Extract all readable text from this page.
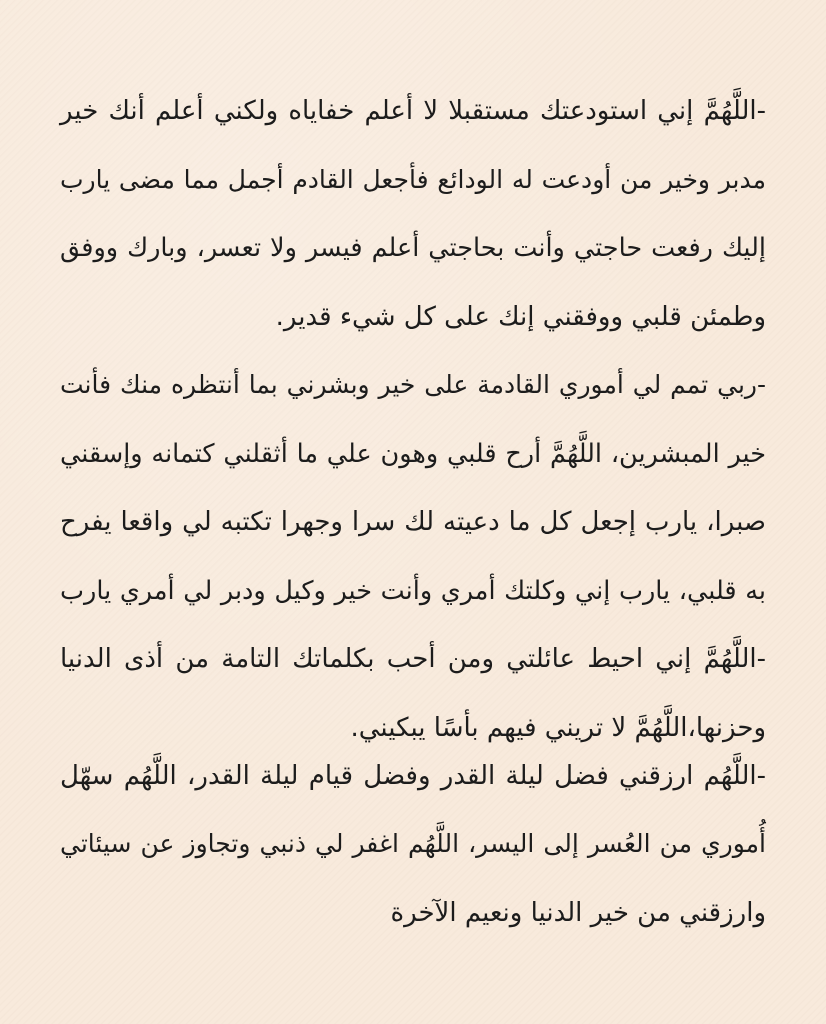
-اللَّهُمَّ إني استودعتك مستقبلا لا أعلم خفاياه ولكني أعلم أنك خير
مدبر وخير من أودعت له الودائع فأجعل القادم أجمل مما مضى يارب
إليك رفعت حاجتي وأنت بحاجتي أعلم فيسر ولا تعسر، وبارك ووفق
وطمئن قلبي ووفقني إنك على كل شيء قدير.
-ربي تمم لي أموري القادمة على خير وبشرني بما أنتظره منك فأنت
خير المبشرين، اللَّهُمَّ أرح قلبي وهون علي ما أثقلني كتمانه وإسقني
صبرا، يارب إجعل كل ما دعيته لك سرا وجهرا تكتبه لي واقعا يفرح
به قلبي، يارب إني وكلتك أمري وأنت خير وكيل ودبر لي أمري يارب
-اللَّهُمَّ إني احيط عائلتي ومن أحب بكلماتك التامة من أذى الدنيا
وحزنها،اللَّهُمَّ لا تريني فيهم بأسًا يبكيني.
-اللَّهُم ارزقني فضل ليلة القدر وفضل قيام ليلة القدر، اللَّهُم سهّل
أُموري من العُسر إلى اليسر، اللَّهُم اغفر لي ذنبي وتجاوز عن سيئاتي
وارزقني من خير الدنيا ونعيم الآخرة
